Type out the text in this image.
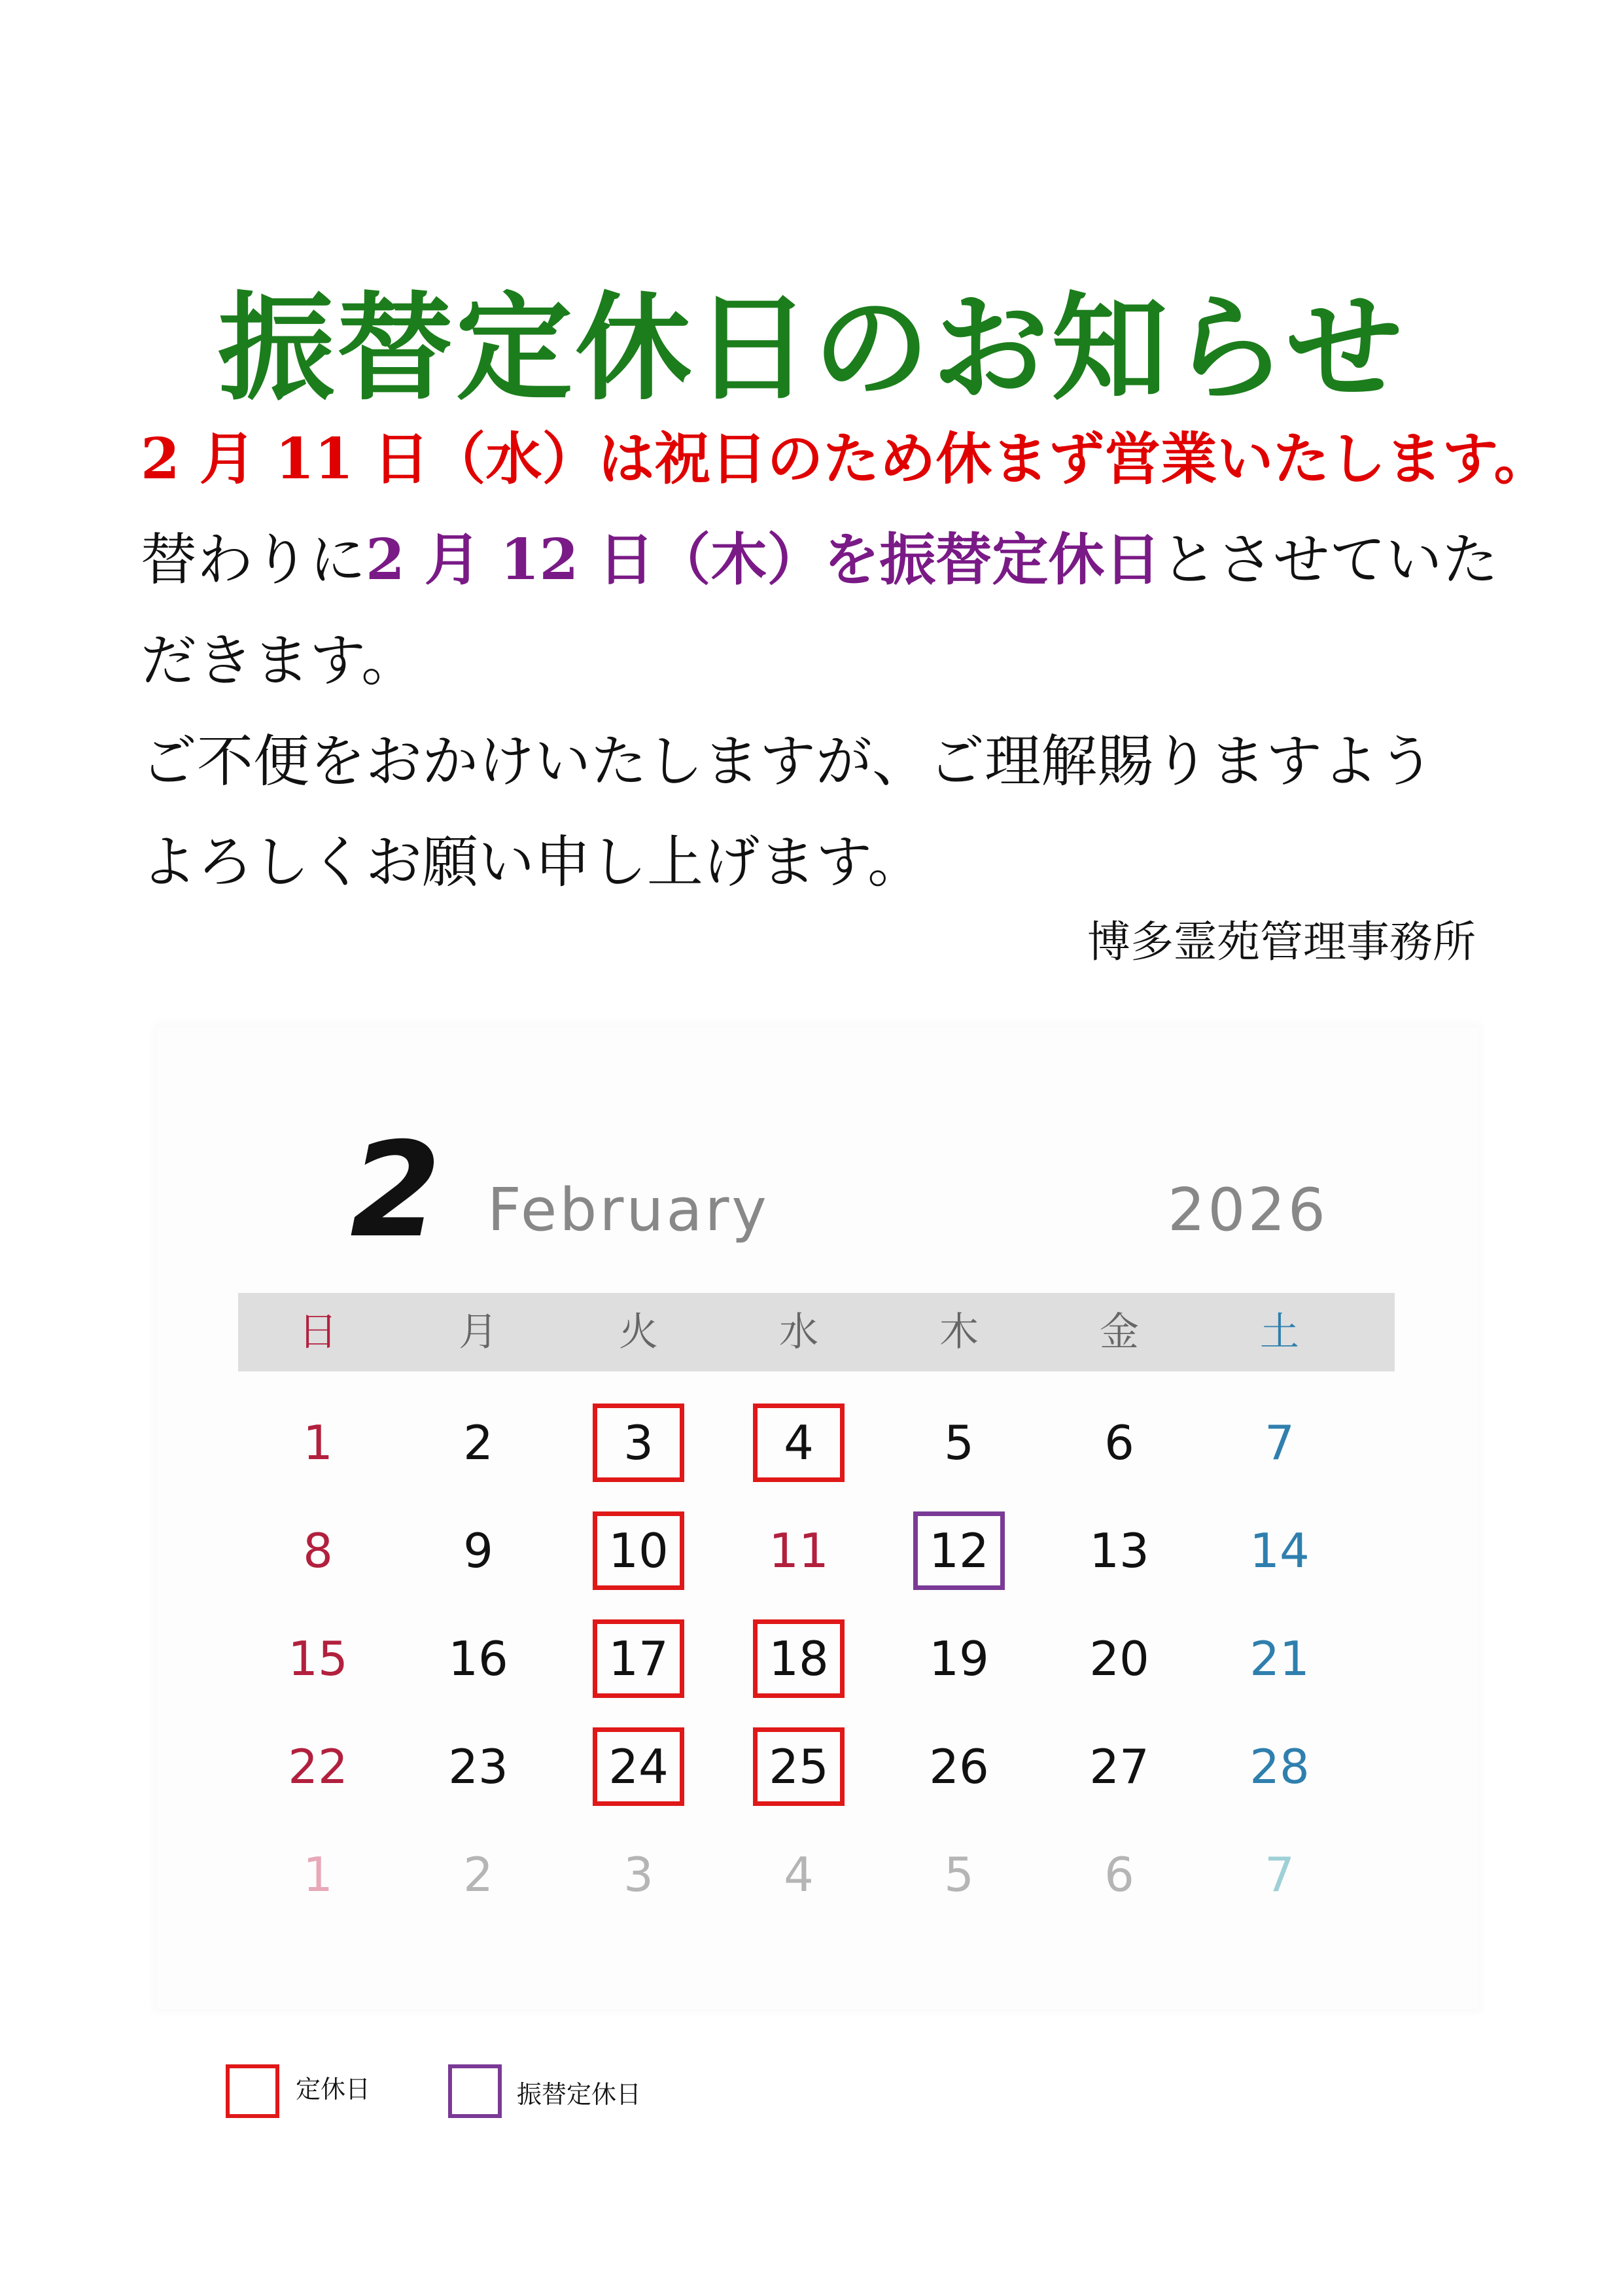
振替定休日のお知らせ
2 月 11 日（水）は祝日のため休まず営業いたします。
替わりに2 月 12 日（木）を振替定休日とさせていた
だきます。
ご不便をおかけいたしますが、ご理解賜りますよう
よろしくお願い申し上げます。
博多霊苑管理事務所
2 February	2026
日	月	火	水	木	金	土
1	2	3	4	5	6	7
8	9	10	11	12	13	14
15	16	17	18	19	20	21
22	23	24	25	26	27	28
1	2	3	4	5	6	7
定休日	振替定休日
